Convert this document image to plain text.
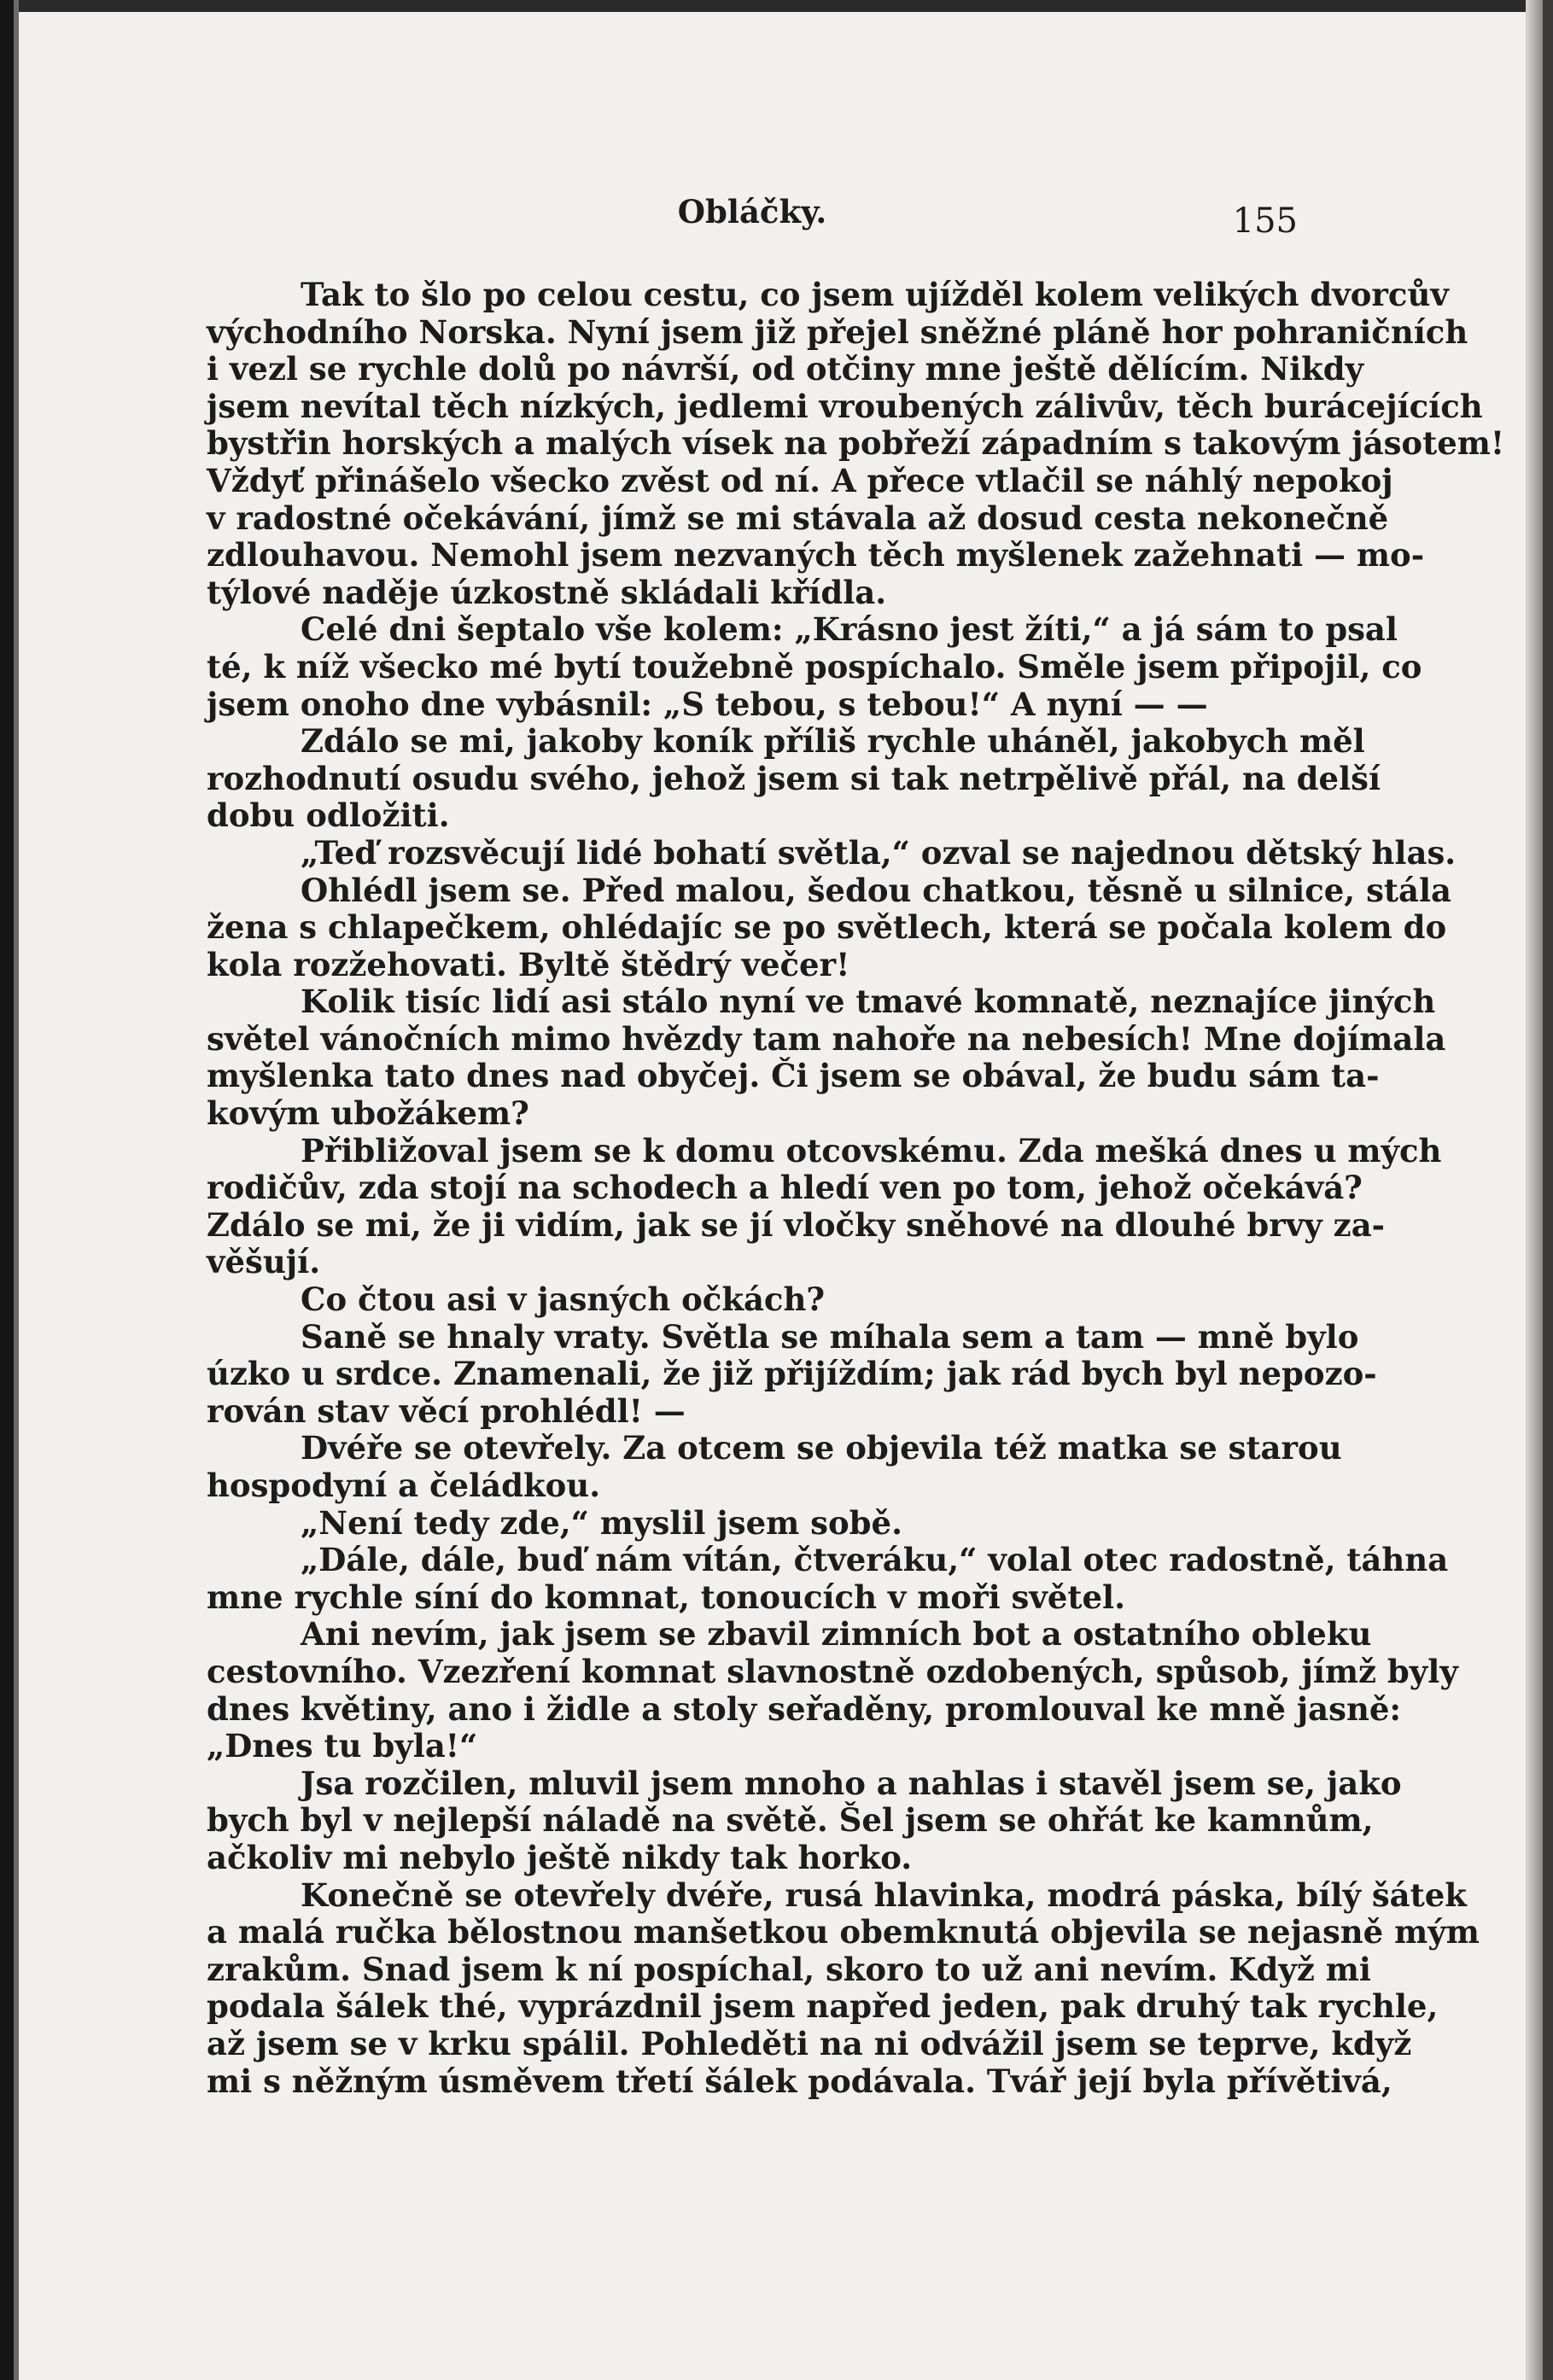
Obláčky.	155
Tak to šlo po celou cestu, co jsem ujížděl kolem velikých dvorcův
východního Norska. Nyní jsem již přejel sněžné pláně hor pohraničních
i vezl se rychle dolů po návrší, od otčiny mne ještě dělícím. Nikdy
jsem nevítal těch nízkých, jedlemi vroubených zálivův, těch burácejících
bystřin horských a malých vísek na pobřeží západním s takovým jásotem!
Vždyť přinášelo všecko zvěst od ní. A přece vtlačil se náhlý nepokoj
v radostné očekávání, jímž se mi stávala až dosud cesta nekonečně
zdlouhavou. Nemohl jsem nezvaných těch myšlenek zažehnati — mo-
týlové naděje úzkostně skládali křídla.
Celé dni šeptalo vše kolem: „Krásno jest žíti,“ a já sám to psal
té, k níž všecko mé bytí toužebně pospíchalo. Směle jsem připojil, co
jsem onoho dne vybásnil: „S tebou, s tebou!“ A nyní — —
Zdálo se mi, jakoby koník příliš rychle uháněl, jakobych měl
rozhodnutí osudu svého, jehož jsem si tak netrpělivě přál, na delší
dobu odložiti.
„Teď rozsvěcují lidé bohatí světla,“ ozval se najednou dětský hlas.
Ohlédl jsem se. Před malou, šedou chatkou, těsně u silnice, stála
žena s chlapečkem, ohlédajíc se po světlech, která se počala kolem do
kola rozžehovati. Byltě štědrý večer!
Kolik tisíc lidí asi stálo nyní ve tmavé komnatě, neznajíce jiných
světel vánočních mimo hvězdy tam nahoře na nebesích! Mne dojímala
myšlenka tato dnes nad obyčej. Či jsem se obával, že budu sám ta-
kovým ubožákem?
Přibližoval jsem se k domu otcovskému. Zda mešká dnes u mých
rodičův, zda stojí na schodech a hledí ven po tom, jehož očekává?
Zdálo se mi, že ji vidím, jak se jí vločky sněhové na dlouhé brvy za-
věšují.
Co čtou asi v jasných očkách?
Saně se hnaly vraty. Světla se míhala sem a tam — mně bylo
úzko u srdce. Znamenali, že již přijíždím; jak rád bych byl nepozo-
rován stav věcí prohlédl! —
Dvéře se otevřely. Za otcem se objevila též matka se starou
hospodyní a čeládkou.
„Není tedy zde,“ myslil jsem sobě.
„Dále, dále, buď nám vítán, čtveráku,“ volal otec radostně, táhna
mne rychle síní do komnat, tonoucích v moři světel.
Ani nevím, jak jsem se zbavil zimních bot a ostatního obleku
cestovního. Vzezření komnat slavnostně ozdobených, spůsob, jímž byly
dnes květiny, ano i židle a stoly seřaděny, promlouval ke mně jasně:
„Dnes tu byla!“
Jsa rozčilen, mluvil jsem mnoho a nahlas i stavěl jsem se, jako
bych byl v nejlepší náladě na světě. Šel jsem se ohřát ke kamnům,
ačkoliv mi nebylo ještě nikdy tak horko.
Konečně se otevřely dvéře, rusá hlavinka, modrá páska, bílý šátek
a malá ručka bělostnou manšetkou obemknutá objevila se nejasně mým
zrakům. Snad jsem k ní pospíchal, skoro to už ani nevím. Když mi
podala šálek thé, vyprázdnil jsem napřed jeden, pak druhý tak rychle,
až jsem se v krku spálil. Pohleděti na ni odvážil jsem se teprve, když
mi s něžným úsměvem třetí šálek podávala. Tvář její byla přívětivá,
